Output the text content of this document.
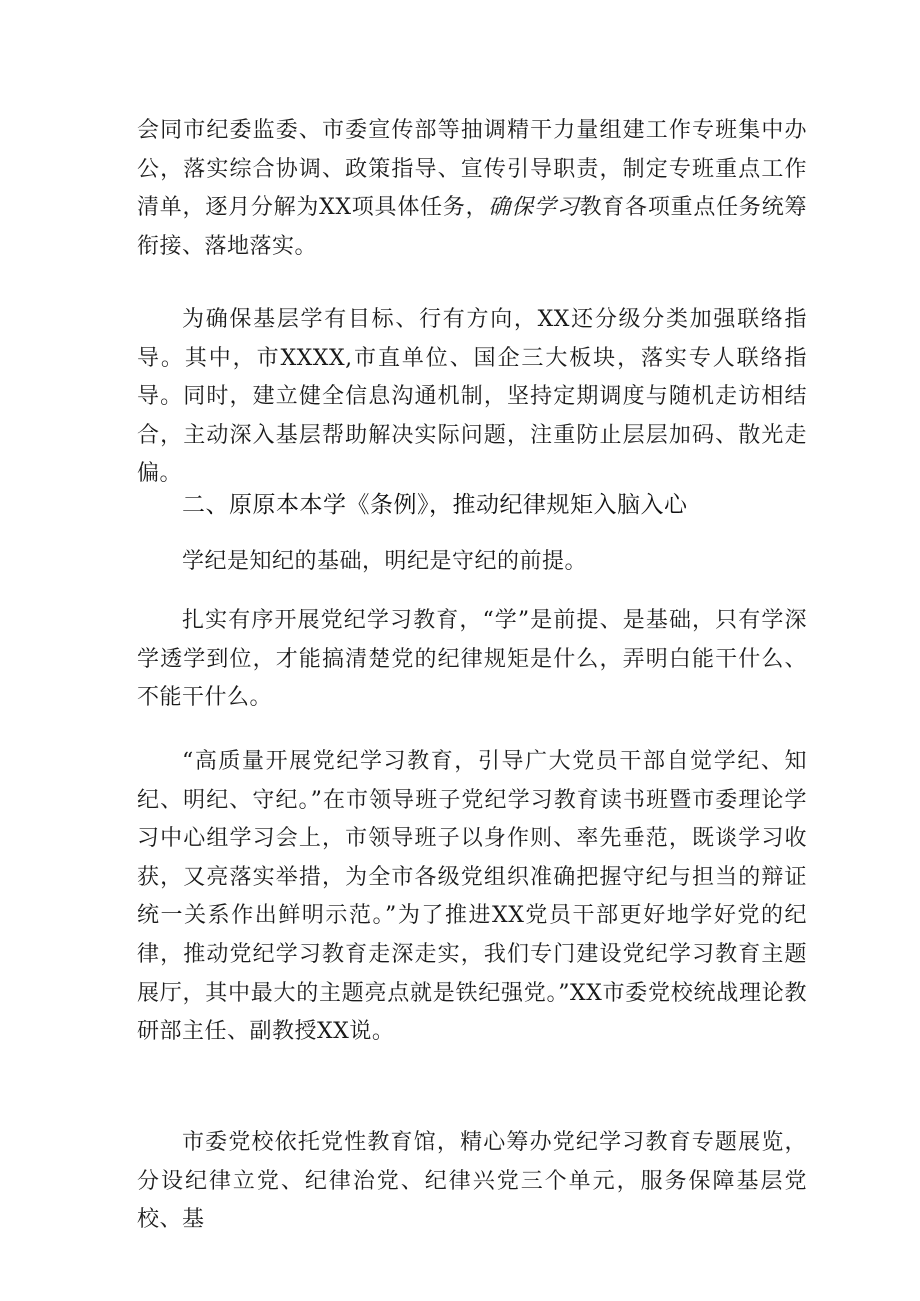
会同市纪委监委、市委宣传部等抽调精干力量组建工作专班集中办公，落实综合协调、政策指导、宣传引导职责，制定专班重点工作清单，逐月分解为XX项具体任务，确保学习教育各项重点任务统筹衔接、落地落实。

为确保基层学有目标、行有方向，XX还分级分类加强联络指导。其中，市XXXX,市直单位、国企三大板块，落实专人联络指导。同时，建立健全信息沟通机制，坚持定期调度与随机走访相结合，主动深入基层帮助解决实际问题，注重防止层层加码、散光走偏。

二、原原本本学《条例》，推动纪律规矩入脑入心

学纪是知纪的基础，明纪是守纪的前提。

扎实有序开展党纪学习教育，“学”是前提、是基础，只有学深学透学到位，才能搞清楚党的纪律规矩是什么，弄明白能干什么、不能干什么。

“高质量开展党纪学习教育，引导广大党员干部自觉学纪、知纪、明纪、守纪。”在市领导班子党纪学习教育读书班暨市委理论学习中心组学习会上，市领导班子以身作则、率先垂范，既谈学习收获，又亮落实举措，为全市各级党组织准确把握守纪与担当的辩证统一关系作出鲜明示范。”为了推进XX党员干部更好地学好党的纪律，推动党纪学习教育走深走实，我们专门建设党纪学习教育主题展厅，其中最大的主题亮点就是铁纪强党。”XX市委党校统战理论教研部主任、副教授XX说。

市委党校依托党性教育馆，精心筹办党纪学习教育专题展览，分设纪律立党、纪律治党、纪律兴党三个单元，服务保障基层党校、基
